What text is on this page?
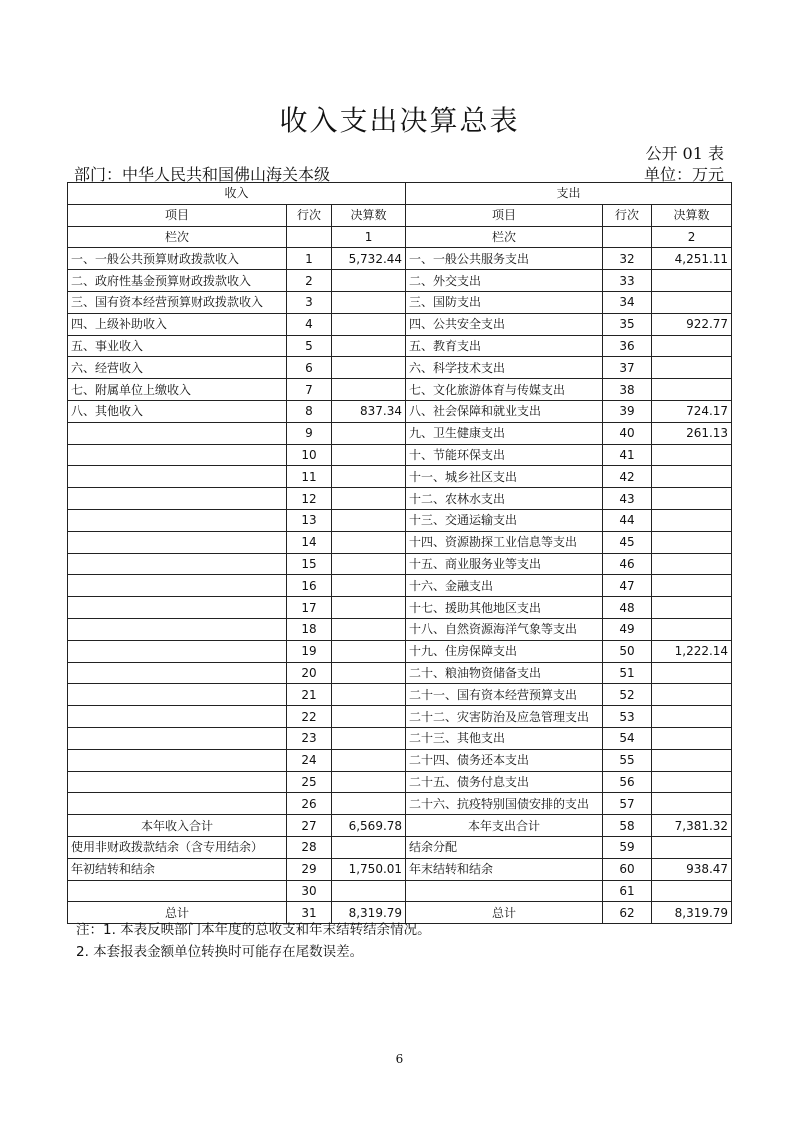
收入支出决算总表
公开 01 表
部门：中华人民共和国佛山海关本级	单位：万元
收入			支出		
项目	行次	决算数	项目	行次	决算数
栏次		1	栏次		2
一、一般公共预算财政拨款收入	1	5,732.44	一、一般公共服务支出	32	4,251.11
二、政府性基金预算财政拨款收入	2		二、外交支出	33	
三、国有资本经营预算财政拨款收入	3		三、国防支出	34	
四、上级补助收入	4		四、公共安全支出	35	922.77
五、事业收入	5		五、教育支出	36	
六、经营收入	6		六、科学技术支出	37	
七、附属单位上缴收入	7		七、文化旅游体育与传媒支出	38	
八、其他收入	8	837.34	八、社会保障和就业支出	39	724.17
	9		九、卫生健康支出	40	261.13
	10		十、节能环保支出	41	
	11		十一、城乡社区支出	42	
	12		十二、农林水支出	43	
	13		十三、交通运输支出	44	
	14		十四、资源勘探工业信息等支出	45	
	15		十五、商业服务业等支出	46	
	16		十六、金融支出	47	
	17		十七、援助其他地区支出	48	
	18		十八、自然资源海洋气象等支出	49	
	19		十九、住房保障支出	50	1,222.14
	20		二十、粮油物资储备支出	51	
	21		二十一、国有资本经营预算支出	52	
	22		二十二、灾害防治及应急管理支出	53	
	23		二十三、其他支出	54	
	24		二十四、债务还本支出	55	
	25		二十五、债务付息支出	56	
	26		二十六、抗疫特别国债安排的支出	57	
本年收入合计	27	6,569.78	本年支出合计	58	7,381.32
使用非财政拨款结余（含专用结余）	28		结余分配	59	
年初结转和结余	29	1,750.01	年末结转和结余	60	938.47
	30			61	
总计	31	8,319.79	总计	62	8,319.79
注：1. 本表反映部门本年度的总收支和年末结转结余情况。
2. 本套报表金额单位转换时可能存在尾数误差。
6
